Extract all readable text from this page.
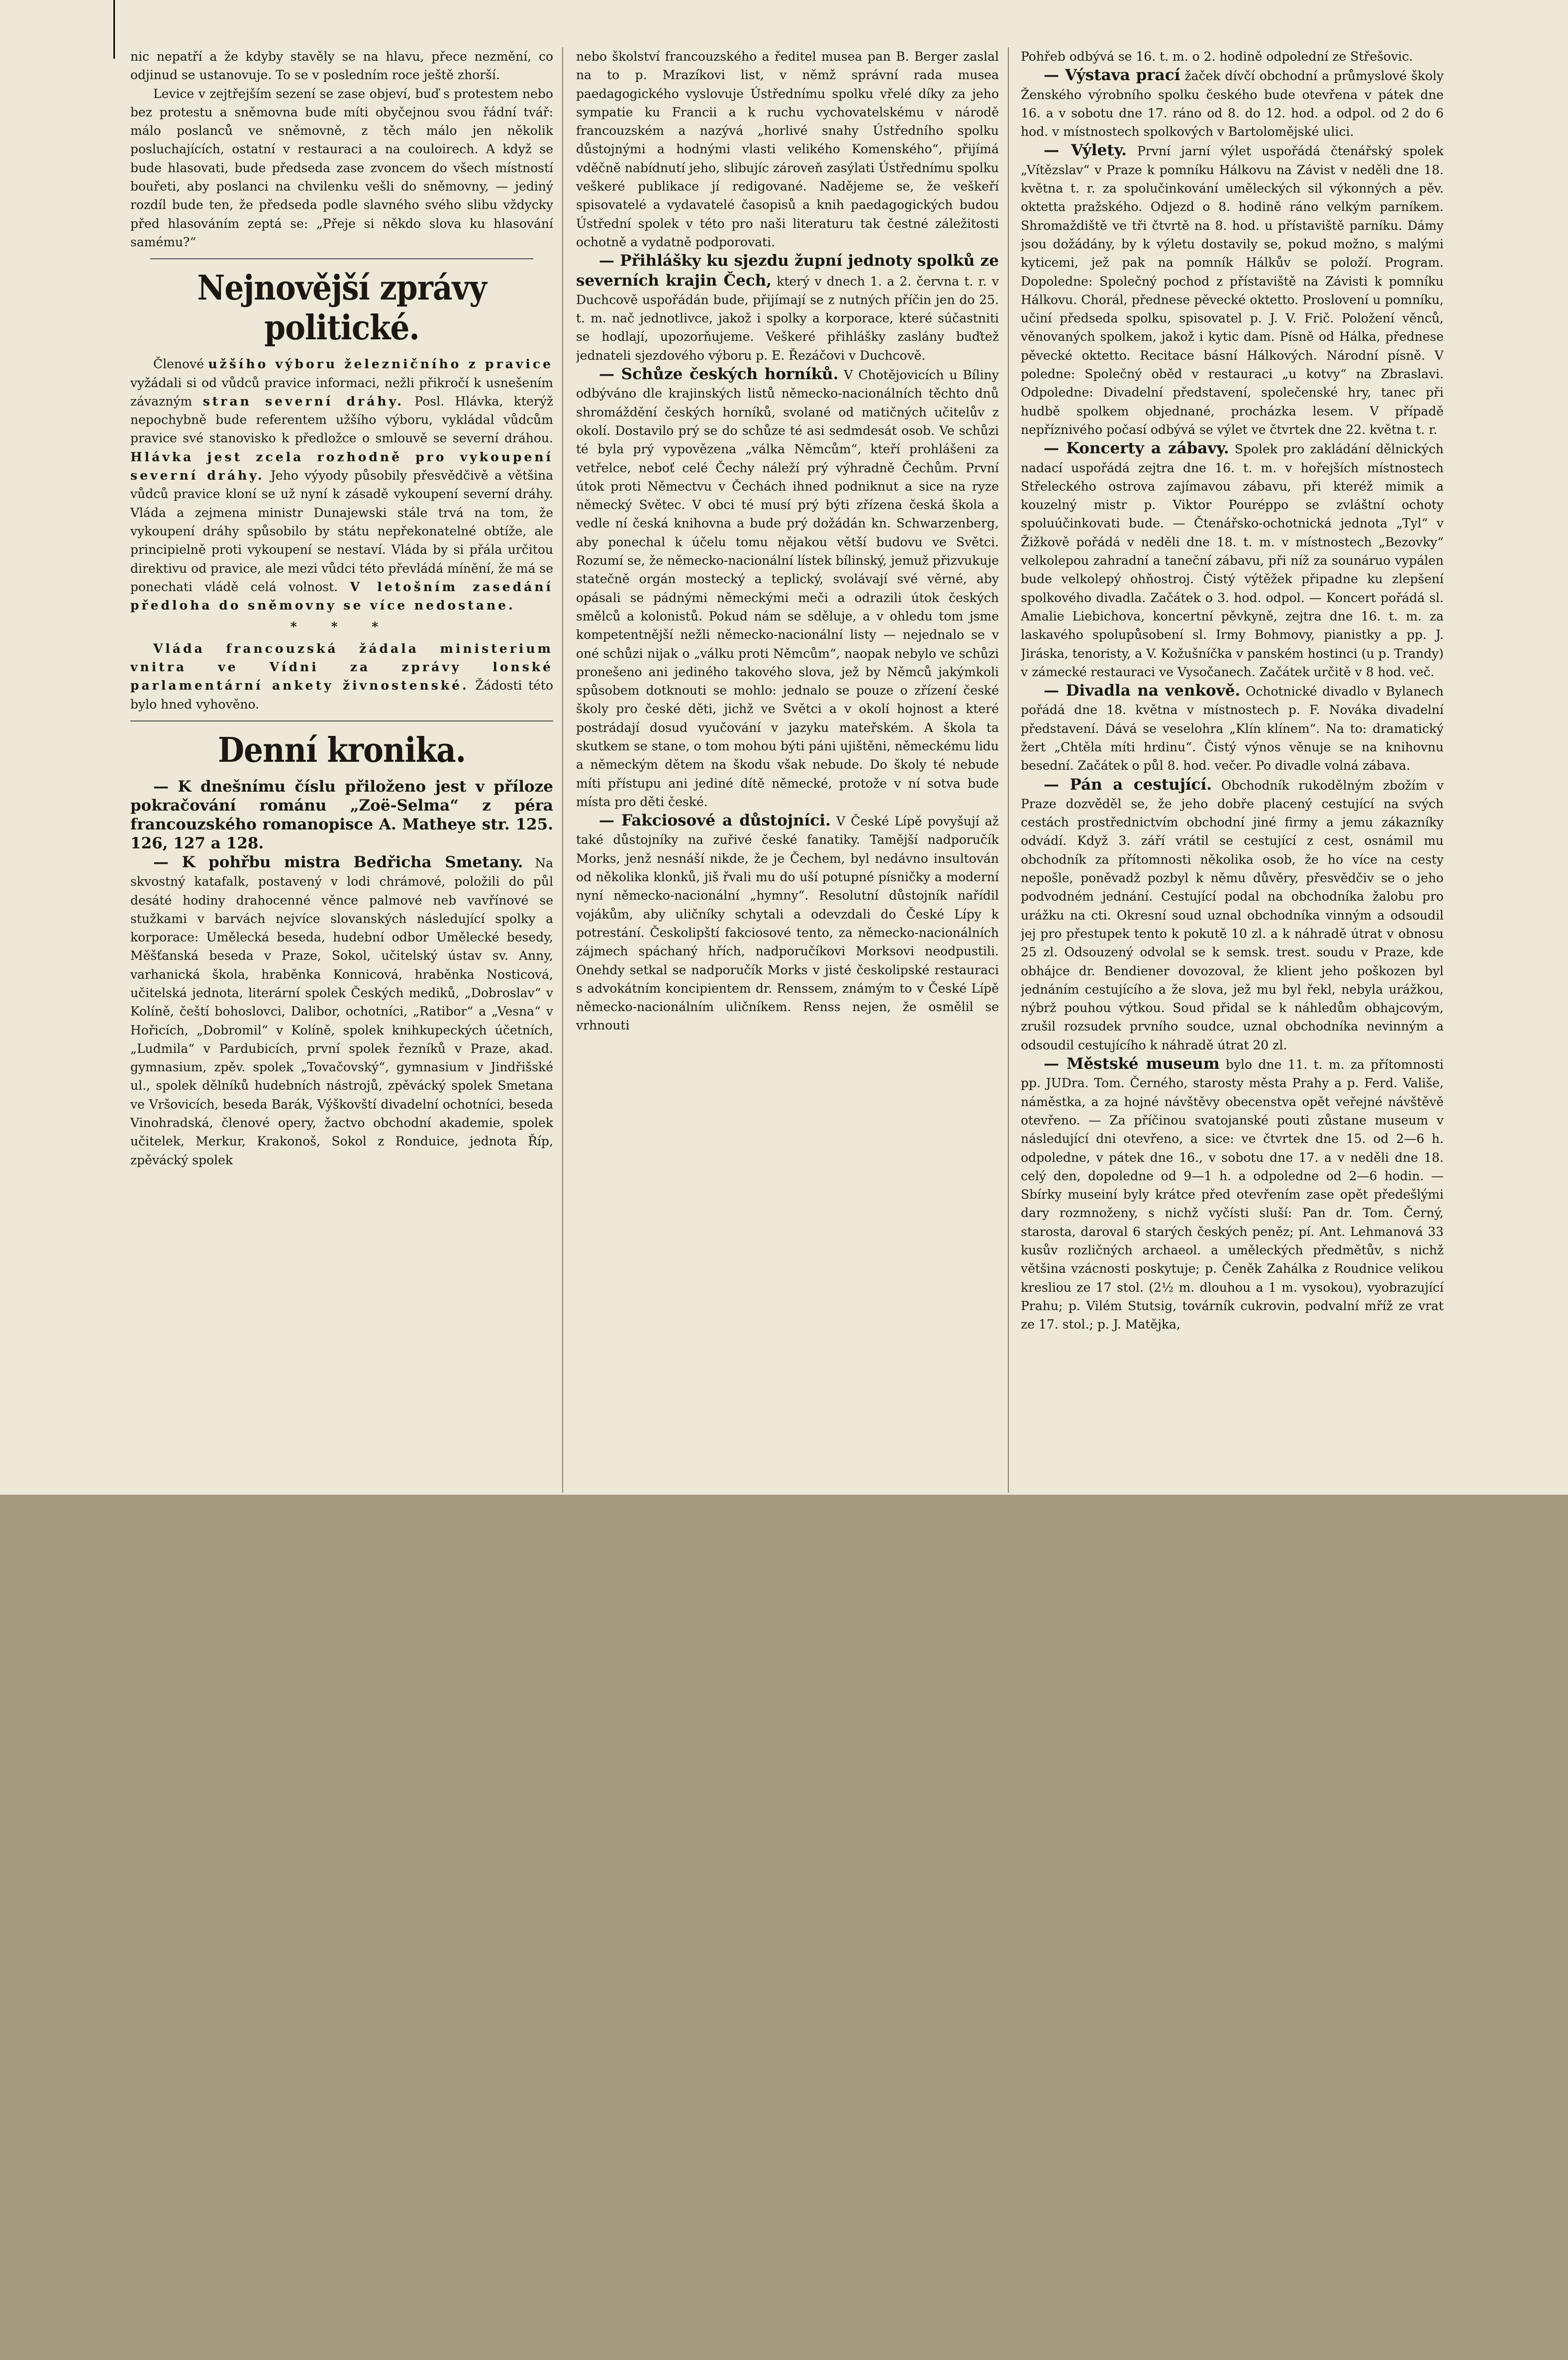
nic nepatří a že kdyby stavěly se na hlavu, přece nezmění, co odjinud se ustanovuje. To se v posledním roce ještě zhorší.

Levice v zejtřejším sezení se zase objeví, buď s protestem nebo bez protestu a sněmovna bude míti obyčejnou svou řádní tvář: málo poslanců ve sněmovně, z těch málo jen několik posluchajících, ostatní v restauraci a na couloirech. A když se bude hlasovati, bude předseda zase zvoncem do všech místností bouřeti, aby poslanci na chvilenku vešli do sněmovny, — jediný rozdíl bude ten, že předseda podle slavného svého slibu vždycky před hlasováním zeptá se: „Přeje si někdo slova ku hlasování samému?“

Nejnovější zprávy politické.

Členové užšího výboru železničního z pravice vyžádali si od vůdců pravice informaci, nežli přikročí k usnešením závazným stran severní dráhy. Posl. Hlávka, kterýž nepochybně bude referentem užšího výboru, vykládal vůdcům pravice své stanovisko k předložce o smlouvě se severní dráhou. Hlávka jest zcela rozhodně pro vykoupení severní dráhy. Jeho výyody působily přesvědčivě a většina vůdců pravice kloní se už nyní k zásadě vykoupení severní dráhy. Vláda a zejmena ministr Dunajewski stále trvá na tom, že vykoupení dráhy spůsobilo by státu nepřekonatelné obtíže, ale principielně proti vykoupení se nestaví. Vláda by si přála určitou direktivu od pravice, ale mezi vůdci této převládá mínění, že má se ponechati vládě celá volnost. V letošním zasedání předloha do sněmovny se více nedostane.

* * *

Vláda francouzská žádala ministerium vnitra ve Vídni za zprávy lonské parlamentární ankety živnostenské. Žádosti této bylo hned vyhověno.

Denní kronika.

— K dnešnímu číslu přiloženo jest v příloze pokračování románu „Zoë-Selma“ z péra francouzského romanopisce A. Matheye str. 125. 126, 127 a 128.

— K pohřbu mistra Bedřicha Smetany. Na skvostný katafalk, postavený v lodi chrámové, položili do půl desáté hodiny drahocenné věnce palmové neb vavřínové se stužkami v barvách nejvíce slovanských následující spolky a korporace: Umělecká beseda, hudební odbor Umělecké besedy, Měšťanská beseda v Praze, Sokol, učitelský ústav sv. Anny, varhanická škola, hraběnka Konnicová, hraběnka Nosticová, učitelská jednota, literární spolek Českých mediků, „Dobroslav“ v Kolíně, čeští bohoslovci, Dalibor, ochotníci, „Ratibor“ a „Vesna“ v Hořicích, „Dobromil“ v Kolíně, spolek knihkupeckých účetních, „Ludmila“ v Pardubicích, první spolek řezníků v Praze, akad. gymnasium, zpěv. spolek „Tovačovský“, gymnasium v Jindřišské ul., spolek dělníků hudebních nástrojů, zpěvácký spolek Smetana ve Vršovicích, beseda Barák, Výškovští divadelní ochotníci, beseda Vinohradská, členové opery, žactvo obchodní akademie, spolek učitelek, Merkur, Krakonoš, Sokol z Ronduice, jednota Říp, zpěvácký spolek

nebo školství francouzského a ředitel musea pan B. Berger zaslal na to p. Mrazíkovi list, v němž správní rada musea paedagogického vyslovuje Ústřednímu spolku vřelé díky za jeho sympatie ku Francii a k ruchu vychovatelskému v národě francouzském a nazývá „horlivé snahy Ústředního spolku důstojnými a hodnými vlasti velikého Komenského“, přijímá vděčně nabídnutí jeho, slibujíc zároveň zasýlati Ústřednímu spolku veškeré publikace jí redigované. Nadějeme se, že veškeří spisovatelé a vydavatelé časopisů a knih paedagogických budou Ústřední spolek v této pro naši literaturu tak čestné záležitosti ochotně a vydatně podporovati.

— Přihlášky ku sjezdu župní jednoty spolků ze severních krajin Čech, který v dnech 1. a 2. června t. r. v Duchcově uspořádán bude, přijímají se z nutných příčin jen do 25. t. m. nač jednotlivce, jakož i spolky a korporace, které súčastniti se hodlají, upozorňujeme. Veškeré přihlášky zaslány buďtež jednateli sjezdového výboru p. E. Řezáčovi v Duchcově.

— Schůze českých horníků. V Chotějovicích u Bíliny odbýváno dle krajinských listů německo-nacionálních těchto dnů shromáždění českých horníků, svolané od matičných učitelův z okolí. Dostavilo prý se do schůze té asi sedmdesát osob. Ve schůzi té byla prý vypovězena „válka Němcům“, kteří prohlášeni za vetřelce, neboť celé Čechy náleží prý výhradně Čechům. První útok proti Němectvu v Čechách ihned podniknut a sice na ryze německý Světec. V obci té musí prý býti zřízena česká škola a vedle ní česká knihovna a bude prý dožádán kn. Schwarzenberg, aby ponechal k účelu tomu nějakou větší budovu ve Světci. Rozumí se, že německo-nacionální lístek bílinský, jemuž přizvukuje statečně orgán mostecký a teplický, svolávají své věrné, aby opásali se pádnými německými meči a odrazili útok českých smělců a kolonistů. Pokud nám se sděluje, a v ohledu tom jsme kompetentnější nežli německo-nacionální listy — nejednalo se v oné schůzi nijak o „válku proti Němcům“, naopak nebylo ve schůzi pronešeno ani jediného takového slova, jež by Němců jakýmkoli spůsobem dotknouti se mohlo: jednalo se pouze o zřízení české školy pro české děti, jichž ve Světci a v okolí hojnost a které postrádají dosud vyučování v jazyku mateřském. A škola ta skutkem se stane, o tom mohou býti páni ujištěni, německému lidu a německým dětem na škodu však nebude. Do školy té nebude míti přístupu ani jediné dítě německé, protože v ní sotva bude místa pro děti české.

— Fakciosové a důstojníci. V České Lípě povyšují až také důstojníky na zuřivé české fanatiky. Tamější nadporučík Morks, jenž nesnáší nikde, že je Čechem, byl nedávno insultován od několika klonků, jiš řvali mu do uší potupné písničky a moderní nyní německo-nacionální „hymny“. Resolutní důstojník nařídil vojákům, aby uličníky schytali a odevzdali do České Lípy k potrestání. Českolipští fakciosové tento, za německo-nacionálních zájmech spáchaný hřích, nadporučíkovi Morksovi neodpustili. Onehdy setkal se nadporučík Morks v jisté českolipské restauraci s advokátním koncipientem dr. Renssem, známým to v České Lípě německo-nacionálním uličníkem. Renss nejen, že osmělil se vrhnouti

Pohřeb odbývá se 16. t. m. o 2. hodině odpolední ze Střešovic.

— Výstava prací žaček dívčí obchodní a průmyslové školy Ženského výrobního spolku českého bude otevřena v pátek dne 16. a v sobotu dne 17. ráno od 8. do 12. hod. a odpol. od 2 do 6 hod. v místnostech spolkových v Bartolomějské ulici.

— Výlety. První jarní výlet uspořádá čtenářský spolek „Vítězslav“ v Praze k pomníku Hálkovu na Závist v neděli dne 18. května t. r. za spolučinkování uměleckých sil výkonných a pěv. oktetta pražského. Odjezd o 8. hodině ráno velkým parníkem. Shromaždiště ve tři čtvrtě na 8. hod. u přístaviště parníku. Dámy jsou dožádány, by k výletu dostavily se, pokud možno, s malými kyticemi, jež pak na pomník Hálkův se položí. Program. Dopoledne: Společný pochod z přístaviště na Závisti k pomníku Hálkovu. Chorál, přednese pěvecké oktetto. Proslovení u pomníku, učiní předseda spolku, spisovatel p. J. V. Frič. Položení věnců, věnovaných spolkem, jakož i kytic dam. Písně od Hálka, přednese pěvecké oktetto. Recitace básní Hálkových. Národní písně. V poledne: Společný oběd v restauraci „u kotvy“ na Zbraslavi. Odpoledne: Divadelní představení, společenské hry, tanec při hudbě spolkem objednané, procházka lesem. V případě nepříznivého počasí odbývá se výlet ve čtvrtek dne 22. května t. r.

— Koncerty a zábavy. Spolek pro zakládání dělnických nadací uspořádá zejtra dne 16. t. m. v hořejších místnostech Střeleckého ostrova zajímavou zábavu, při kteréž mimik a kouzelný mistr p. Viktor Pouréppo se zvláštní ochoty spoluúčinkovati bude. — Čtenářsko-ochotnická jednota „Tyl“ v Žižkově pořádá v neděli dne 18. t. m. v místnostech „Bezovky“ velkolepou zahradní a taneční zábavu, při níž za sounáruo vypálen bude velkolepý ohňostroj. Čistý výtěžek připadne ku zlepšení spolkového divadla. Začátek o 3. hod. odpol. — Koncert pořádá sl. Amalie Liebichova, koncertní pěvkyně, zejtra dne 16. t. m. za laskavého spolupůsobení sl. Irmy Bohmovy, pianistky a pp. J. Jiráska, tenoristy, a V. Kožušníčka v panském hostinci (u p. Trandy) v zámecké restauraci ve Vysočanech. Začátek určitě v 8 hod. več.

— Divadla na venkově. Ochotnické divadlo v Bylanech pořádá dne 18. května v místnostech p. F. Nováka divadelní představení. Dává se veselohra „Klín klínem“. Na to: dramatický žert „Chtěla míti hrdinu“. Čistý výnos věnuje se na knihovnu besední. Začátek o půl 8. hod. večer. Po divadle volná zábava.

— Pán a cestující. Obchodník rukodělným zbožím v Praze dozvěděl se, že jeho dobře placený cestující na svých cestách prostřednictvím obchodní jiné firmy a jemu zákazníky odvádí. Když 3. září vrátil se cestující z cest, osnámil mu obchodník za přítomnosti několika osob, že ho více na cesty nepošle, poněvadž pozbyl k němu důvěry, přesvědčiv se o jeho podvodném jednání. Cestující podal na obchodníka žalobu pro urážku na cti. Okresní soud uznal obchodníka vinným a odsoudil jej pro přestupek tento k pokutě 10 zl. a k náhradě útrat v obnosu 25 zl. Odsouzený odvolal se k semsk. trest. soudu v Praze, kde obhájce dr. Bendiener dovozoval, že klient jeho poškozen byl jednáním cestujícího a že slova, jež mu byl řekl, nebyla urážkou, nýbrž pouhou výtkou. Soud přidal se k náhledům obhajcovým, zrušil rozsudek prvního soudce, uznal obchodníka nevinným a odsoudil cestujícího k náhradě útrat 20 zl.

— Městské museum bylo dne 11. t. m. za přítomnosti pp. JUDra. Tom. Černého, starosty města Prahy a p. Ferd. Vališe, náměstka, a za hojné návštěvy obecenstva opět veřejné návštěvě otevřeno. — Za příčinou svatojanské pouti zůstane museum v následující dni otevřeno, a sice: ve čtvrtek dne 15. od 2—6 h. odpoledne, v pátek dne 16., v sobotu dne 17. a v neděli dne 18. celý den, dopoledne od 9—1 h. a odpoledne od 2—6 hodin. — Sbírky museiní byly krátce před otevřením zase opět předešlými dary rozmnoženy, s nichž vyčísti sluší: Pan dr. Tom. Černý, starosta, daroval 6 starých českých peněz; pí. Ant. Lehmanová 33 kusův rozličných archaeol. a uměleckých předmětův, s nichž většina vzácnosti poskytuje; p. Čeněk Zahálka z Roudnice velikou kresliou ze 17 stol. (2½ m. dlouhou a 1 m. vysokou), vyobrazující Prahu; p. Vilém Stutsig, továrník cukrovin, podvalní mříž ze vrat ze 17. stol.; p. J. Matějka,
